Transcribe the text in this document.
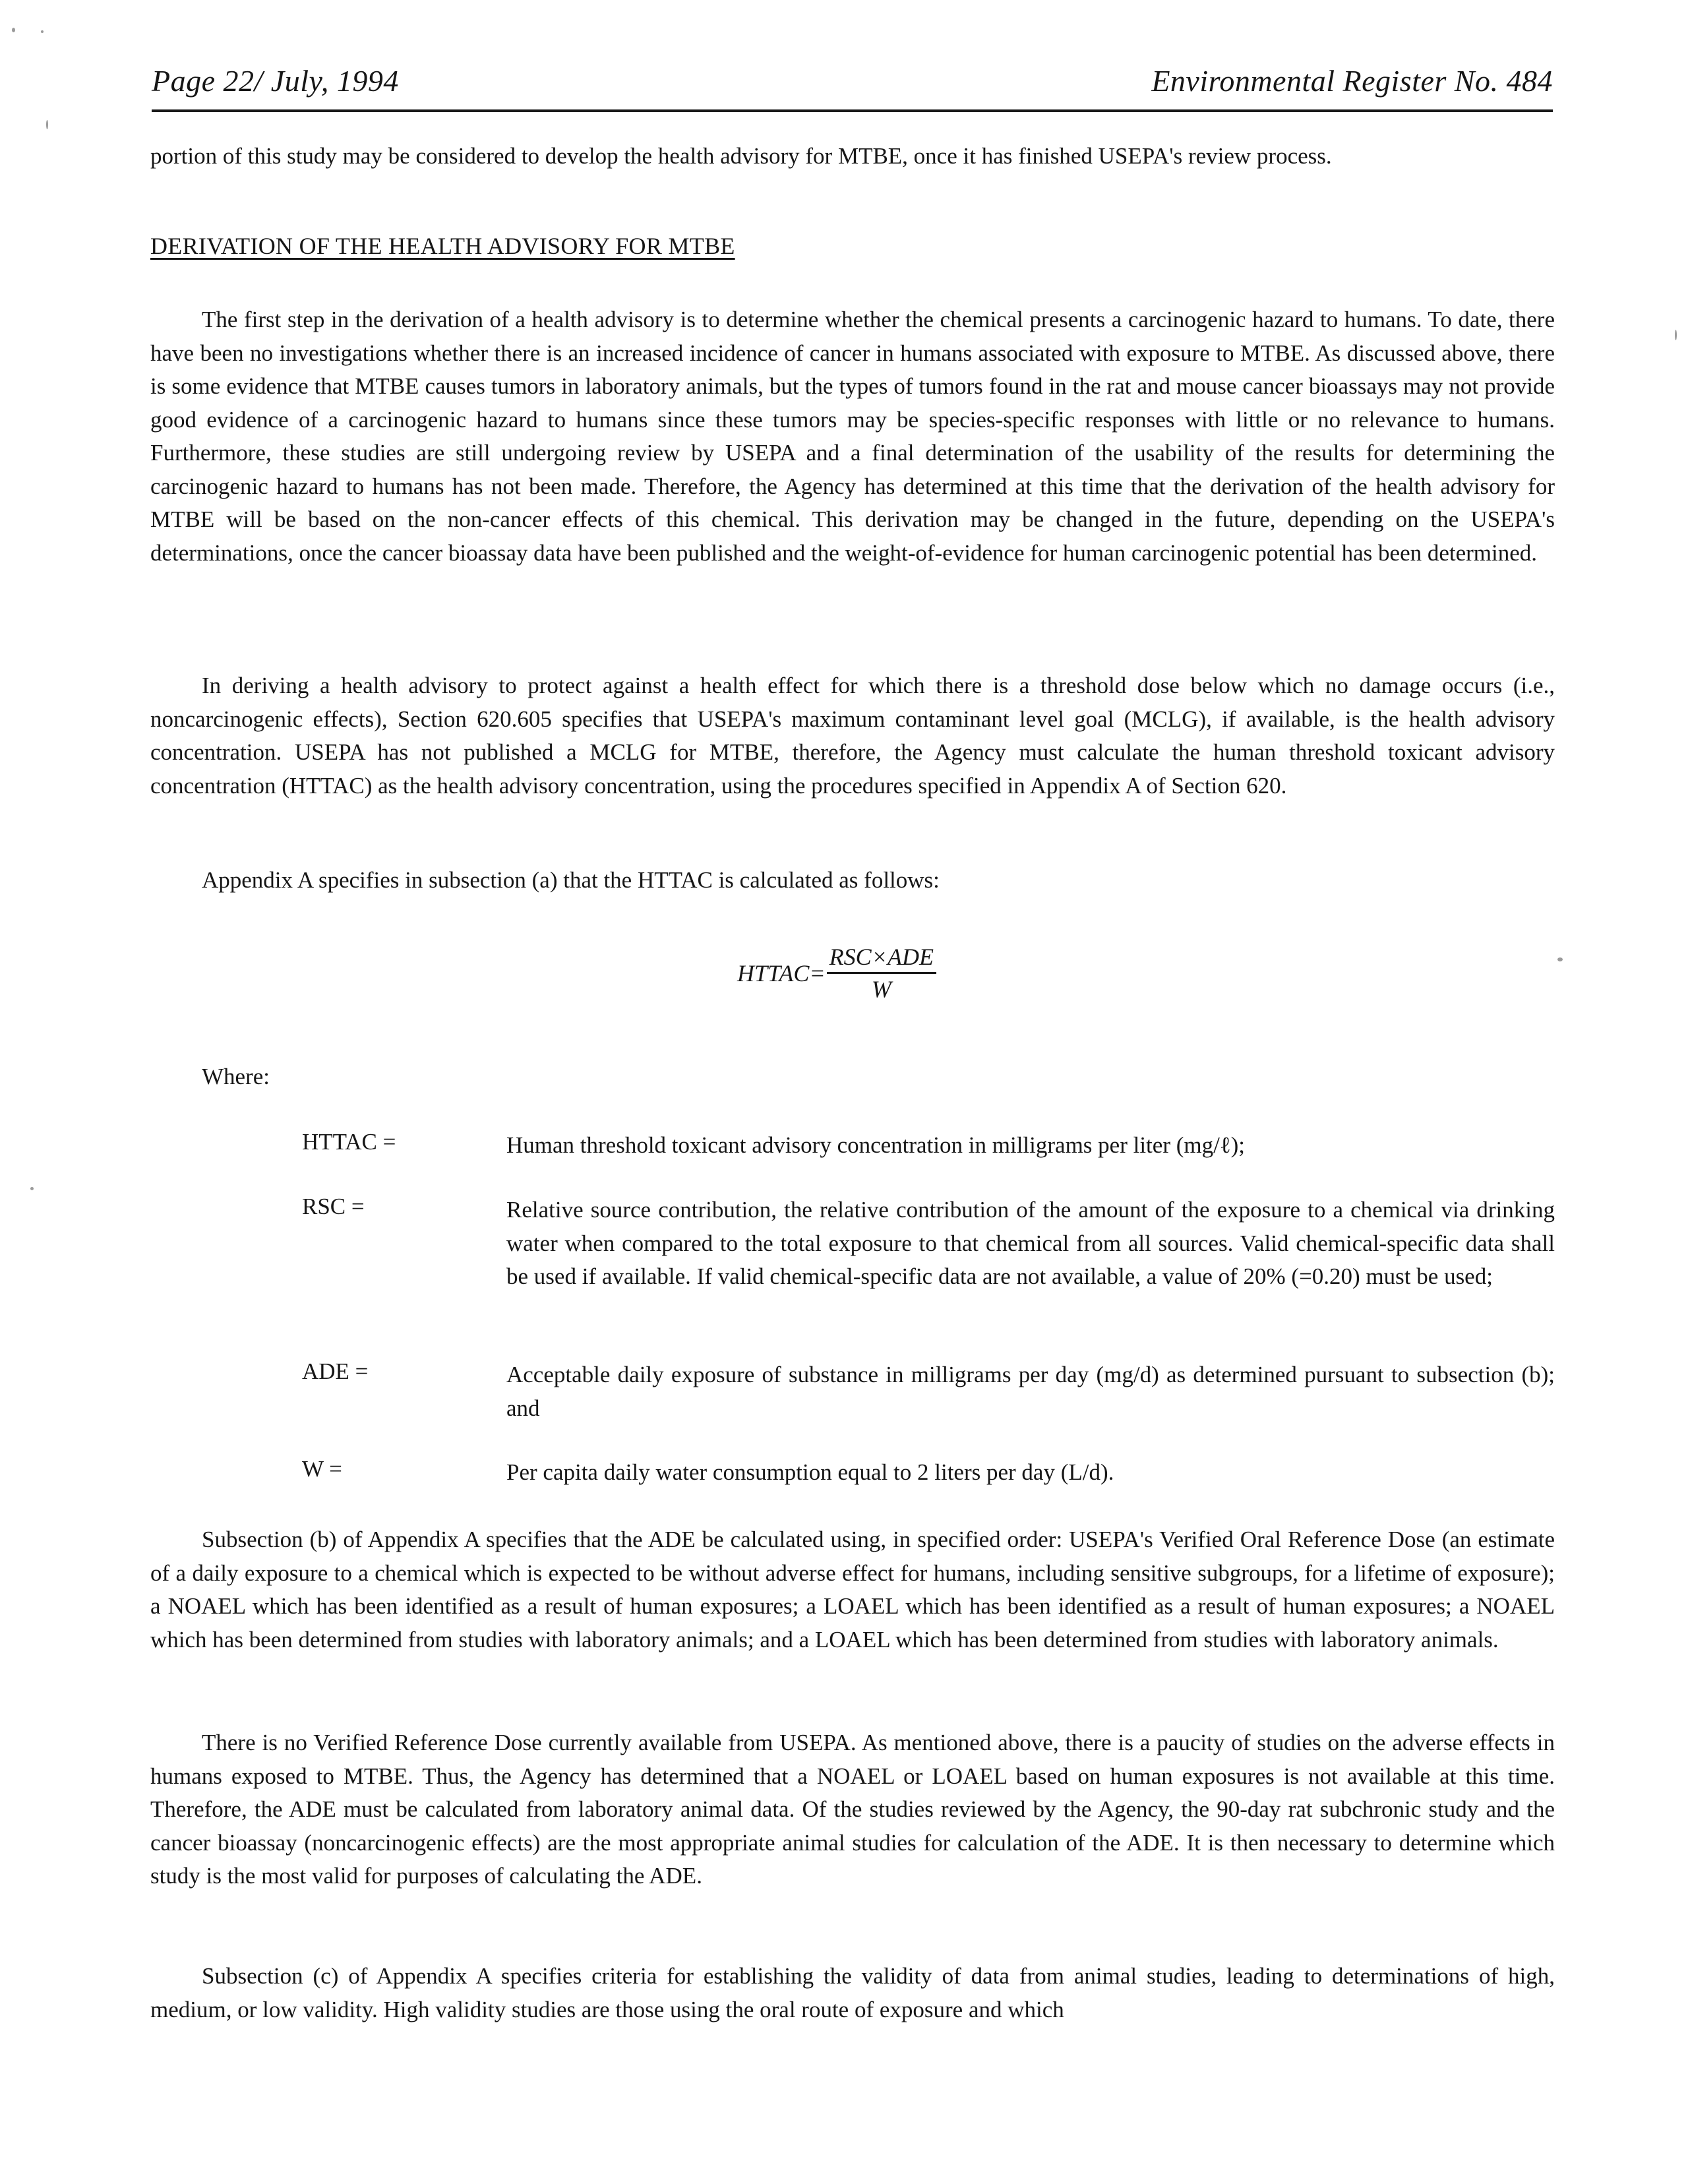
Page 22/ July, 1994	Environmental Register No. 484
portion of this study may be considered to develop the health advisory for MTBE, once it has finished USEPA's review process.
DERIVATION OF THE HEALTH ADVISORY FOR MTBE
The first step in the derivation of a health advisory is to determine whether the chemical presents a carcinogenic hazard to humans. To date, there have been no investigations whether there is an increased incidence of cancer in humans associated with exposure to MTBE. As discussed above, there is some evidence that MTBE causes tumors in laboratory animals, but the types of tumors found in the rat and mouse cancer bioassays may not provide good evidence of a carcinogenic hazard to humans since these tumors may be species-specific responses with little or no relevance to humans. Furthermore, these studies are still undergoing review by USEPA and a final determination of the usability of the results for determining the carcinogenic hazard to humans has not been made. Therefore, the Agency has determined at this time that the derivation of the health advisory for MTBE will be based on the non-cancer effects of this chemical. This derivation may be changed in the future, depending on the USEPA's determinations, once the cancer bioassay data have been published and the weight-of-evidence for human carcinogenic potential has been determined.
In deriving a health advisory to protect against a health effect for which there is a threshold dose below which no damage occurs (i.e., noncarcinogenic effects), Section 620.605 specifies that USEPA's maximum contaminant level goal (MCLG), if available, is the health advisory concentration. USEPA has not published a MCLG for MTBE, therefore, the Agency must calculate the human threshold toxicant advisory concentration (HTTAC) as the health advisory concentration, using the procedures specified in Appendix A of Section 620.
Appendix A specifies in subsection (a) that the HTTAC is calculated as follows:
HTTAC= $\frac{\text{RSC×ADE}}{W}$
Where:
HTTAC =	Human threshold toxicant advisory concentration in milligrams per liter (mg/ℓ);
RSC =	Relative source contribution, the relative contribution of the amount of the exposure to a chemical via drinking water when compared to the total exposure to that chemical from all sources. Valid chemical-specific data shall be used if available. If valid chemical-specific data are not available, a value of 20% (=0.20) must be used;
ADE =	Acceptable daily exposure of substance in milligrams per day (mg/d) as determined pursuant to subsection (b); and
W =	Per capita daily water consumption equal to 2 liters per day (L/d).
Subsection (b) of Appendix A specifies that the ADE be calculated using, in specified order: USEPA's Verified Oral Reference Dose (an estimate of a daily exposure to a chemical which is expected to be without adverse effect for humans, including sensitive subgroups, for a lifetime of exposure); a NOAEL which has been identified as a result of human exposures; a LOAEL which has been identified as a result of human exposures; a NOAEL which has been determined from studies with laboratory animals; and a LOAEL which has been determined from studies with laboratory animals.
There is no Verified Reference Dose currently available from USEPA. As mentioned above, there is a paucity of studies on the adverse effects in humans exposed to MTBE. Thus, the Agency has determined that a NOAEL or LOAEL based on human exposures is not available at this time. Therefore, the ADE must be calculated from laboratory animal data. Of the studies reviewed by the Agency, the 90-day rat subchronic study and the cancer bioassay (noncarcinogenic effects) are the most appropriate animal studies for calculation of the ADE. It is then necessary to determine which study is the most valid for purposes of calculating the ADE.
Subsection (c) of Appendix A specifies criteria for establishing the validity of data from animal studies, leading to determinations of high, medium, or low validity. High validity studies are those using the oral route of exposure and which
